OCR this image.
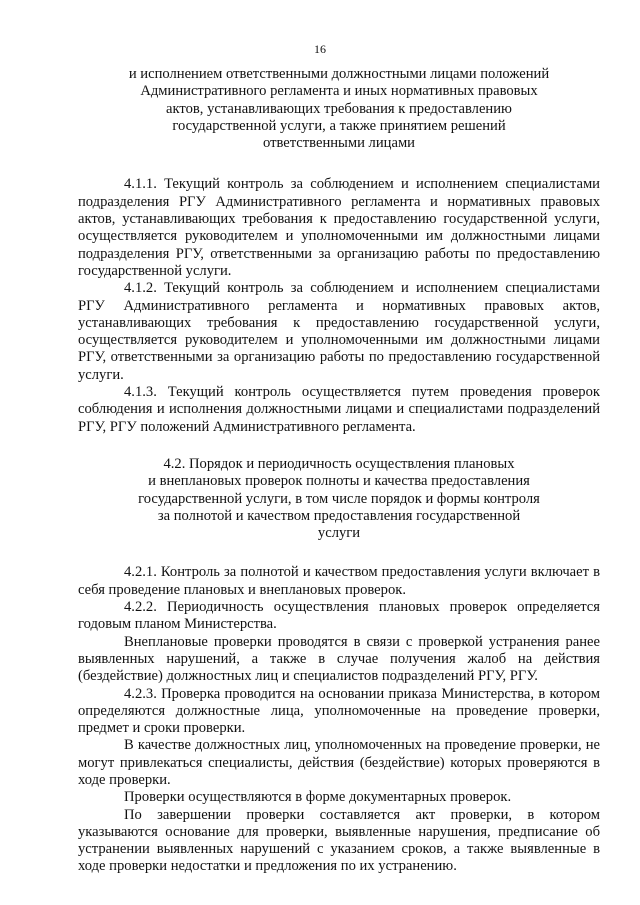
16
и исполнением ответственными должностными лицами положений
Административного регламента и иных нормативных правовых
актов, устанавливающих требования к предоставлению
государственной услуги, а также принятием решений
ответственными лицами

4.1.1. Текущий контроль за соблюдением и исполнением специалистами подразделения РГУ Административного регламента и нормативных правовых актов, устанавливающих требования к предоставлению государственной услуги, осуществляется руководителем и уполномоченными им должностными лицами подразделения РГУ, ответственными за организацию работы по предоставлению государственной услуги.

4.1.2. Текущий контроль за соблюдением и исполнением специалистами РГУ Административного регламента и нормативных правовых актов, устанавливающих требования к предоставлению государственной услуги, осуществляется руководителем и уполномоченными им должностными лицами РГУ, ответственными за организацию работы по предоставлению государственной услуги.

4.1.3. Текущий контроль осуществляется путем проведения проверок соблюдения и исполнения должностными лицами и специалистами подразделений РГУ, РГУ положений Административного регламента.

4.2. Порядок и периодичность осуществления плановых
и внеплановых проверок полноты и качества предоставления
государственной услуги, в том числе порядок и формы контроля
за полнотой и качеством предоставления государственной
услуги

4.2.1. Контроль за полнотой и качеством предоставления услуги включает в себя проведение плановых и внеплановых проверок.

4.2.2. Периодичность осуществления плановых проверок определяется годовым планом Министерства.

Внеплановые проверки проводятся в связи с проверкой устранения ранее выявленных нарушений, а также в случае получения жалоб на действия (бездействие) должностных лиц и специалистов подразделений РГУ, РГУ.

4.2.3. Проверка проводится на основании приказа Министерства, в котором определяются должностные лица, уполномоченные на проведение проверки, предмет и сроки проверки.

В качестве должностных лиц, уполномоченных на проведение проверки, не могут привлекаться специалисты, действия (бездействие) которых проверяются в ходе проверки.

Проверки осуществляются в форме документарных проверок.

По завершении проверки составляется акт проверки, в котором указываются основание для проверки, выявленные нарушения, предписание об устранении выявленных нарушений с указанием сроков, а также выявленные в ходе проверки недостатки и предложения по их устранению.
